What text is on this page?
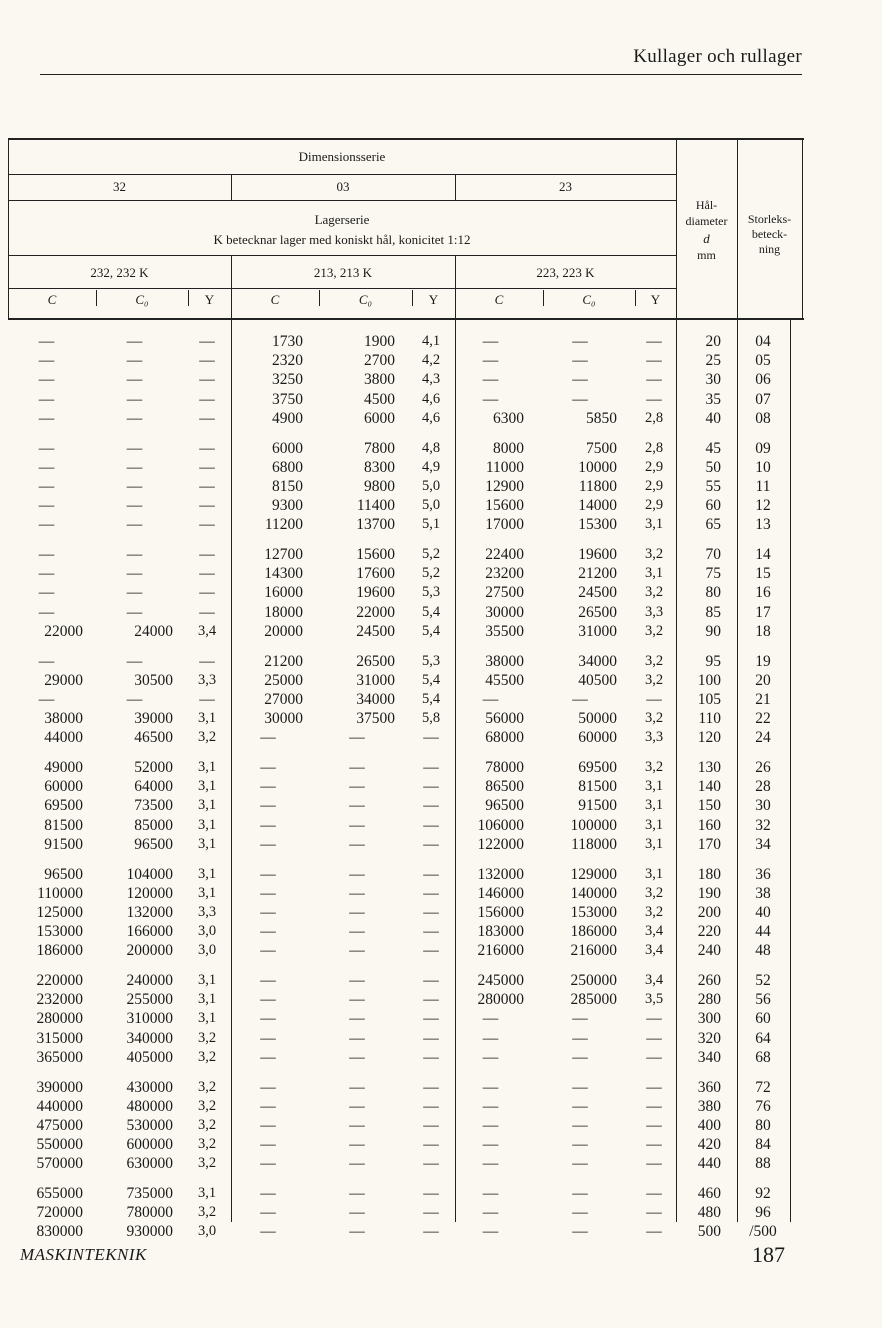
Kullager och rullager
Dimensionsserie
32	03	23
Lagerserie
K betecknar lager med koniskt hål, konicitet 1:12
232, 232 K	213, 213 K	223, 223 K
C	C₀	Y	C	C₀	Y	C	C₀	Y
Hål-
diameter
d
mm
Storleks-
beteck-
ning
—	—	—	1730	1900	4,1	—	—	—	20	04
—	—	—	2320	2700	4,2	—	—	—	25	05
—	—	—	3250	3800	4,3	—	—	—	30	06
—	—	—	3750	4500	4,6	—	—	—	35	07
—	—	—	4900	6000	4,6	6300	5850	2,8	40	08
—	—	—	6000	7800	4,8	8000	7500	2,8	45	09
—	—	—	6800	8300	4,9	11000	10000	2,9	50	10
—	—	—	8150	9800	5,0	12900	11800	2,9	55	11
—	—	—	9300	11400	5,0	15600	14000	2,9	60	12
—	—	—	11200	13700	5,1	17000	15300	3,1	65	13
—	—	—	12700	15600	5,2	22400	19600	3,2	70	14
—	—	—	14300	17600	5,2	23200	21200	3,1	75	15
—	—	—	16000	19600	5,3	27500	24500	3,2	80	16
—	—	—	18000	22000	5,4	30000	26500	3,3	85	17
22000	24000	3,4	20000	24500	5,4	35500	31000	3,2	90	18
—	—	—	21200	26500	5,3	38000	34000	3,2	95	19
29000	30500	3,3	25000	31000	5,4	45500	40500	3,2	100	20
—	—	—	27000	34000	5,4	—	—	—	105	21
38000	39000	3,1	30000	37500	5,8	56000	50000	3,2	110	22
44000	46500	3,2	—	—	—	68000	60000	3,3	120	24
49000	52000	3,1	—	—	—	78000	69500	3,2	130	26
60000	64000	3,1	—	—	—	86500	81500	3,1	140	28
69500	73500	3,1	—	—	—	96500	91500	3,1	150	30
81500	85000	3,1	—	—	—	106000	100000	3,1	160	32
91500	96500	3,1	—	—	—	122000	118000	3,1	170	34
96500	104000	3,1	—	—	—	132000	129000	3,1	180	36
110000	120000	3,1	—	—	—	146000	140000	3,2	190	38
125000	132000	3,3	—	—	—	156000	153000	3,2	200	40
153000	166000	3,0	—	—	—	183000	186000	3,4	220	44
186000	200000	3,0	—	—	—	216000	216000	3,4	240	48
220000	240000	3,1	—	—	—	245000	250000	3,4	260	52
232000	255000	3,1	—	—	—	280000	285000	3,5	280	56
280000	310000	3,1	—	—	—	—	—	—	300	60
315000	340000	3,2	—	—	—	—	—	—	320	64
365000	405000	3,2	—	—	—	—	—	—	340	68
390000	430000	3,2	—	—	—	—	—	—	360	72
440000	480000	3,2	—	—	—	—	—	—	380	76
475000	530000	3,2	—	—	—	—	—	—	400	80
550000	600000	3,2	—	—	—	—	—	—	420	84
570000	630000	3,2	—	—	—	—	—	—	440	88
655000	735000	3,1	—	—	—	—	—	—	460	92
720000	780000	3,2	—	—	—	—	—	—	480	96
830000	930000	3,0	—	—	—	—	—	—	500	/500
MASKINTEKNIK	187
